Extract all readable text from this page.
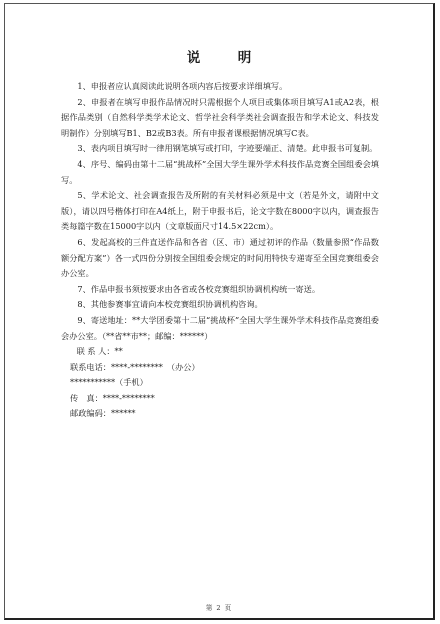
说　明

1、申报者应认真阅读此说明各项内容后按要求详细填写。

2、申报者在填写申报作品情况时只需根据个人项目或集体项目填写A1或A2表，根据作品类别（自然科学类学术论文、哲学社会科学类社会调查报告和学术论文、科技发明制作）分别填写B1、B2或B3表。所有申报者课根据情况填写C表。

3、表内项目填写时一律用钢笔填写或打印，字迹要端正、清楚。此申报书可复制。

4、序号、编码由第十二届“挑战杯”全国大学生课外学术科技作品竞赛全国组委会填写。

5、学术论文、社会调查报告及所附的有关材料必须是中文（若是外文，请附中文版），请以四号楷体打印在A4纸上，附于申报书后，论文字数在8000字以内，调查报告类每篇字数在15000字以内（文章版面尺寸14.5×22cm）。

6、发起高校的三件直送作品和各省（区、市）通过初评的作品（数量参照“作品数额分配方案”）各一式四份分别按全国组委会规定的时间用特快专递寄至全国竞赛组委会办公室。

7、作品申报书须按要求由各省或各校竞赛组织协调机构统一寄送。

8、其他参赛事宜请向本校竞赛组织协调机构咨询。

9、寄送地址：**大学团委第十二届“挑战杯”全国大学生课外学术科技作品竞赛组委会办公室。（**省**市**；邮编：******）

联 系 人：**

联系电话：****-********　（办公）

***********（手机）

传　真：****-********

邮政编码：******

第 2 页
